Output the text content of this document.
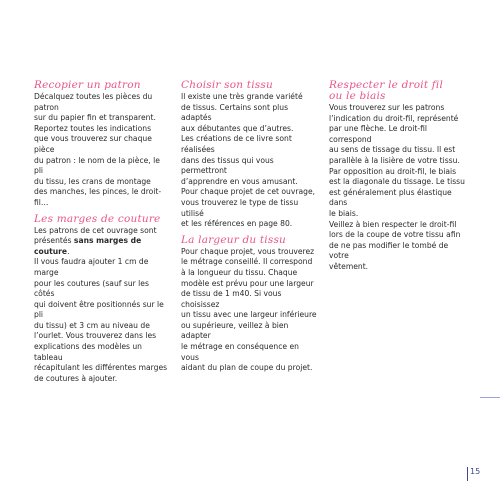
Recopier un patron

Décalquez toutes les pièces du patron

sur du papier fin et transparent.

Reportez toutes les indications

que vous trouverez sur chaque pièce

du patron : le nom de la pièce, le pli

du tissu, les crans de montage

des manches, les pinces, le droit-fil…

Les marges de couture

Les patrons de cet ouvrage sont

présentés sans marges de couture.

Il vous faudra ajouter 1 cm de marge

pour les coutures (sauf sur les côtés

qui doivent être positionnés sur le pli

du tissu) et 3 cm au niveau de

l’ourlet. Vous trouverez dans les

explications des modèles un tableau

récapitulant les différentes marges

de coutures à ajouter.

Choisir son tissu

Il existe une très grande variété

de tissus. Certains sont plus adaptés

aux débutantes que d’autres.

Les créations de ce livre sont réalisées

dans des tissus qui vous permettront

d’apprendre en vous amusant.

Pour chaque projet de cet ouvrage,

vous trouverez le type de tissu utilisé

et les références en page 80.

La largeur du tissu

Pour chaque projet, vous trouverez

le métrage conseillé. Il correspond

à la longueur du tissu. Chaque

modèle est prévu pour une largeur

de tissu de 1 m40. Si vous choisissez

un tissu avec une largeur inférieure

ou supérieure, veillez à bien adapter

le métrage en conséquence en vous

aidant du plan de coupe du projet.

Respecter le droit fil
ou le biais

Vous trouverez sur les patrons

l’indication du droit-fil, représenté

par une flèche. Le droit-fil correspond

au sens de tissage du tissu. Il est

parallèle à la lisière de votre tissu.

Par opposition au droit-fil, le biais

est la diagonale du tissage. Le tissu

est généralement plus élastique dans

le biais.

Veillez à bien respecter le droit-fil

lors de la coupe de votre tissu afin

de ne pas modifier le tombé de votre

vêtement.

15
